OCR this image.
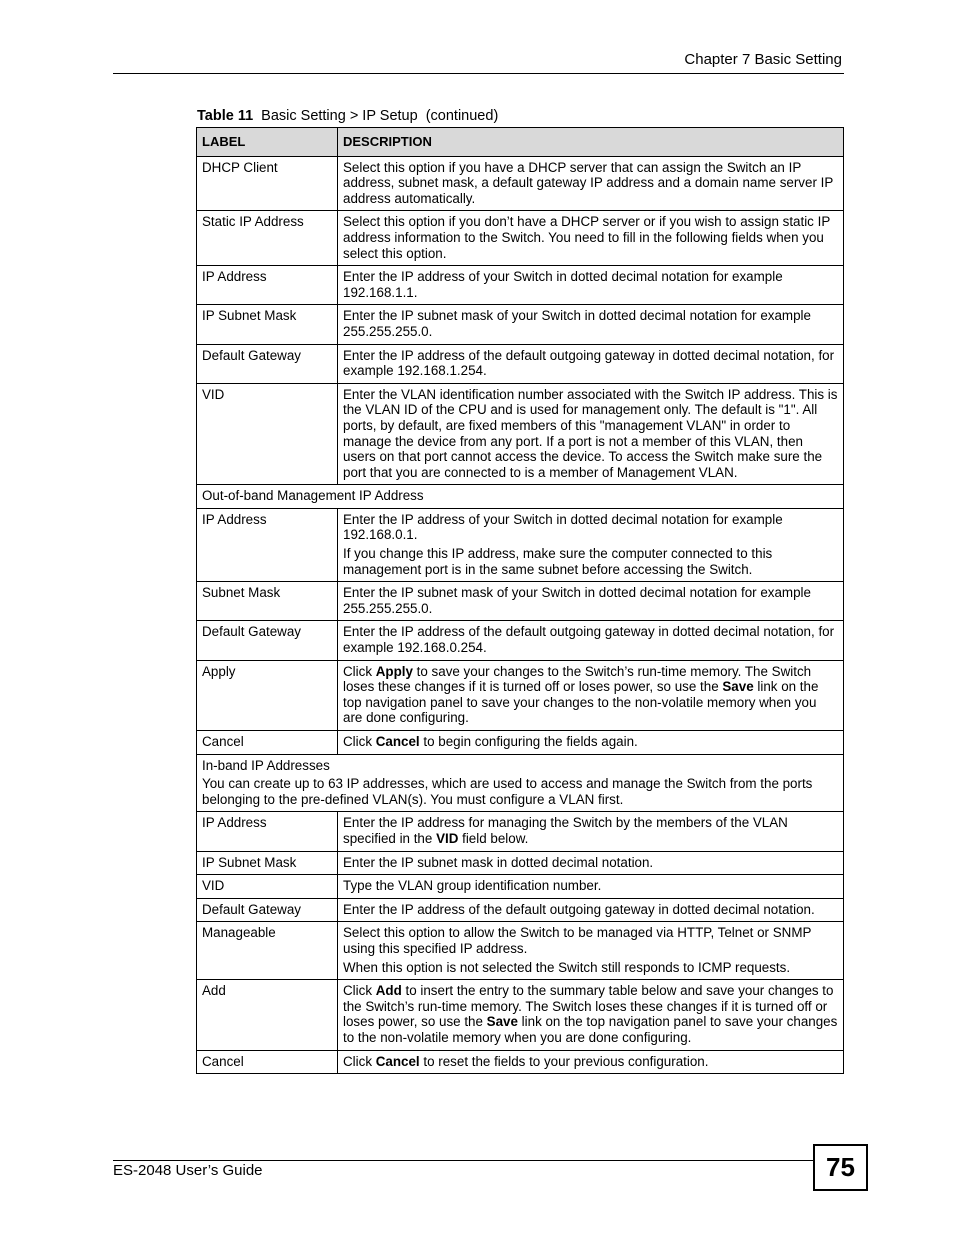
Chapter 7 Basic Setting
Table 11 Basic Setting > IP Setup  (continued)
LABEL	DESCRIPTION
DHCP Client	Select this option if you have a DHCP server that can assign the Switch an IP address, subnet mask, a default gateway IP address and a domain name server IP address automatically.
Static IP Address	Select this option if you don’t have a DHCP server or if you wish to assign static IP address information to the Switch. You need to fill in the following fields when you select this option.
IP Address	Enter the IP address of your Switch in dotted decimal notation for example 192.168.1.1.
IP Subnet Mask	Enter the IP subnet mask of your Switch in dotted decimal notation for example 255.255.255.0.
Default Gateway	Enter the IP address of the default outgoing gateway in dotted decimal notation, for example 192.168.1.254.
VID	Enter the VLAN identification number associated with the Switch IP address. This is the VLAN ID of the CPU and is used for management only. The default is "1". All ports, by default, are fixed members of this "management VLAN" in order to manage the device from any port. If a port is not a member of this VLAN, then users on that port cannot access the device. To access the Switch make sure the port that you are connected to is a member of Management VLAN.
Out-of-band Management IP Address	
IP Address	Enter the IP address of your Switch in dotted decimal notation for example 192.168.0.1.
If you change this IP address, make sure the computer connected to this management port is in the same subnet before accessing the Switch.

Subnet Mask	Enter the IP subnet mask of your Switch in dotted decimal notation for example 255.255.255.0.
Default Gateway	Enter the IP address of the default outgoing gateway in dotted decimal notation, for example 192.168.0.254.
Apply	Click Apply to save your changes to the Switch’s run-time memory. The Switch loses these changes if it is turned off or loses power, so use the Save link on the top navigation panel to save your changes to the non-volatile memory when you are done configuring.
Cancel	Click Cancel to begin configuring the fields again.
In-band IP Addresses
You can create up to 63 IP addresses, which are used to access and manage the Switch from the ports belonging to the pre-defined VLAN(s). You must configure a VLAN first.	

IP Address	Enter the IP address for managing the Switch by the members of the VLAN specified in the VID field below.
IP Subnet Mask	Enter the IP subnet mask in dotted decimal notation.
VID	Type the VLAN group identification number.
Default Gateway	Enter the IP address of the default outgoing gateway in dotted decimal notation.
Manageable	Select this option to allow the Switch to be managed via HTTP, Telnet or SNMP using this specified IP address.
When this option is not selected the Switch still responds to ICMP requests.

Add	Click Add to insert the entry to the summary table below and save your changes to the Switch’s run-time memory. The Switch loses these changes if it is turned off or loses power, so use the Save link on the top navigation panel to save your changes to the non-volatile memory when you are done configuring.
Cancel	Click Cancel to reset the fields to your previous configuration.
ES-2048 User’s Guide	75
